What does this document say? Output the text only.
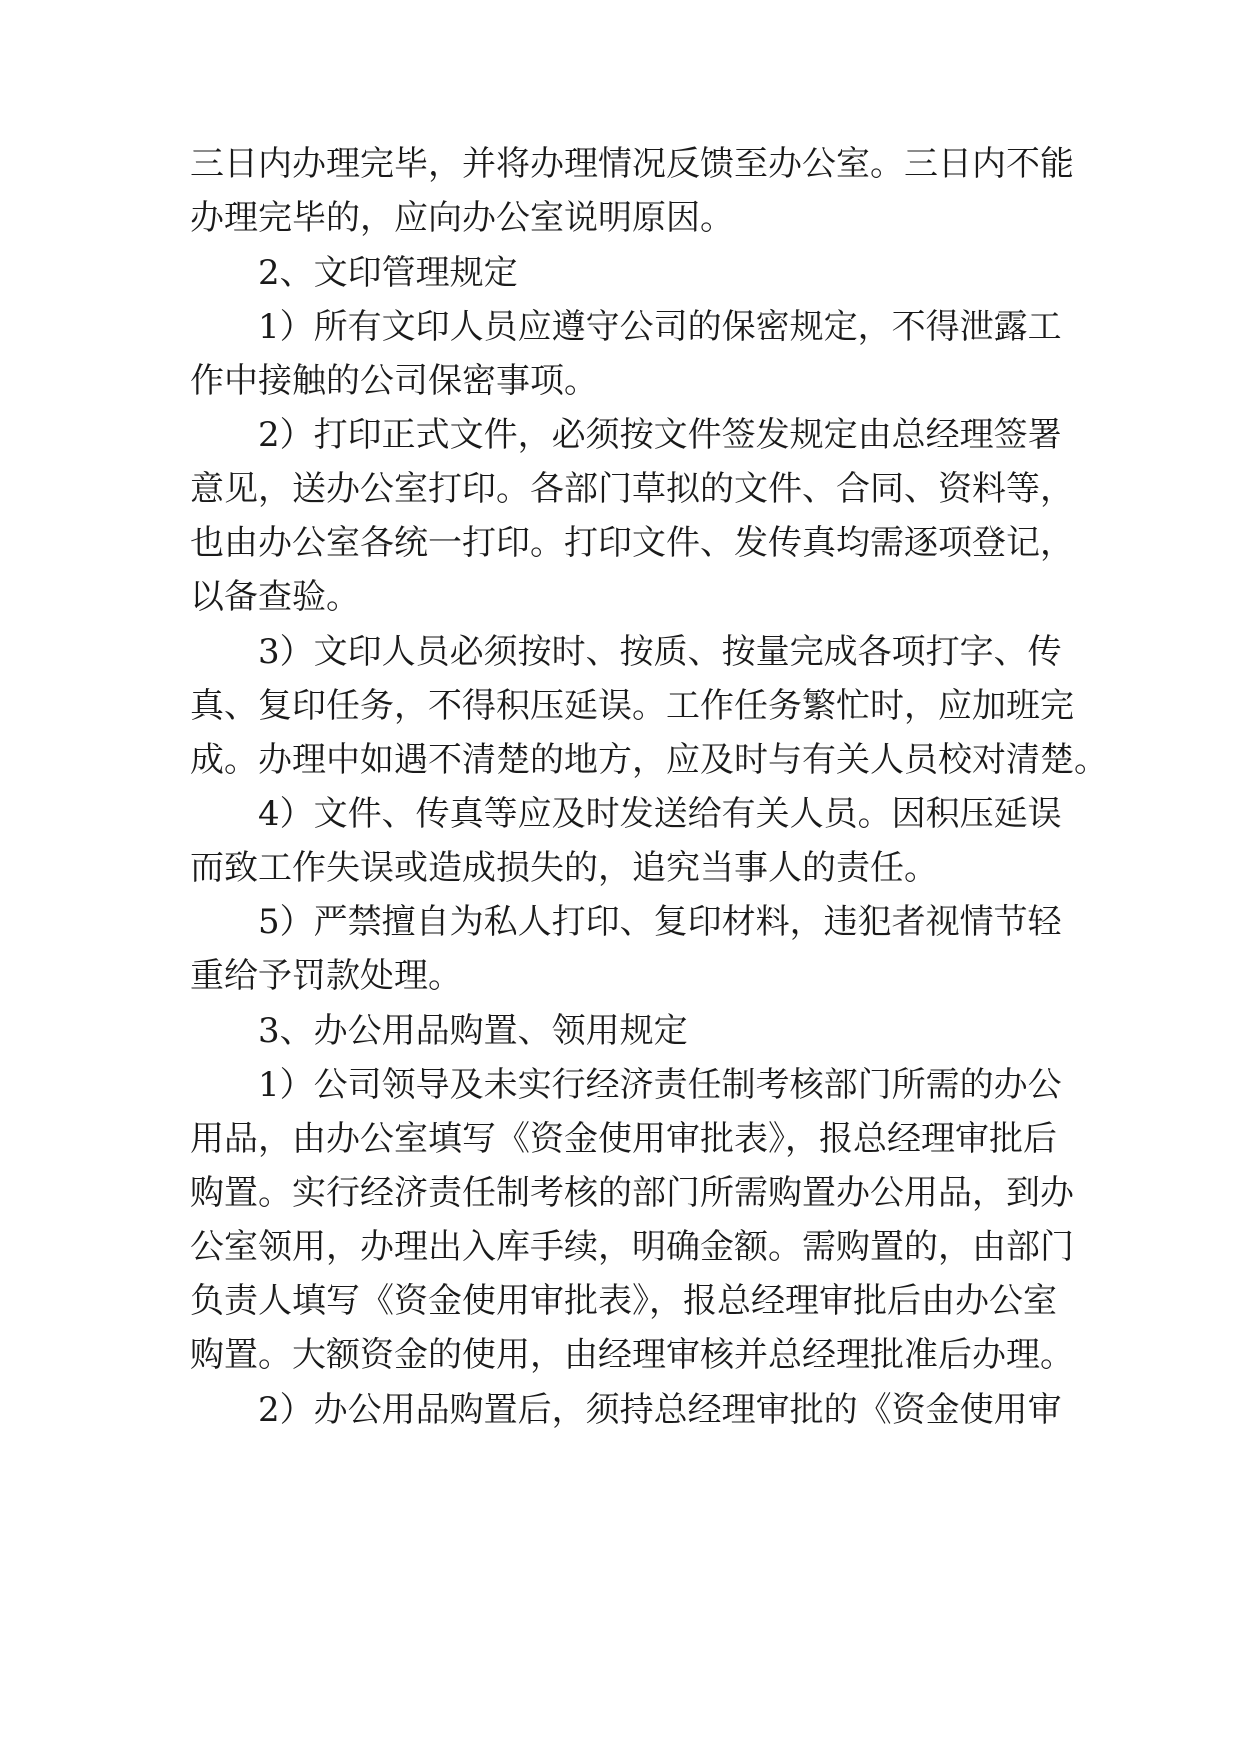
三日内办理完毕，并将办理情况反馈至办公室。三日内不能
办理完毕的，应向办公室说明原因。
2、文印管理规定
1）所有文印人员应遵守公司的保密规定，不得泄露工
作中接触的公司保密事项。
2）打印正式文件，必须按文件签发规定由总经理签署
意见，送办公室打印。各部门草拟的文件、合同、资料等，
也由办公室各统一打印。打印文件、发传真均需逐项登记，
以备查验。
3）文印人员必须按时、按质、按量完成各项打字、传
真、复印任务，不得积压延误。工作任务繁忙时，应加班完
成。办理中如遇不清楚的地方，应及时与有关人员校对清楚。
4）文件、传真等应及时发送给有关人员。因积压延误
而致工作失误或造成损失的，追究当事人的责任。
5）严禁擅自为私人打印、复印材料，违犯者视情节轻
重给予罚款处理。
3、办公用品购置、领用规定
1）公司领导及未实行经济责任制考核部门所需的办公
用品，由办公室填写《资金使用审批表》，报总经理审批后
购置。实行经济责任制考核的部门所需购置办公用品，到办
公室领用，办理出入库手续，明确金额。需购置的，由部门
负责人填写《资金使用审批表》，报总经理审批后由办公室
购置。大额资金的使用，由经理审核并总经理批准后办理。
2）办公用品购置后，须持总经理审批的《资金使用审
